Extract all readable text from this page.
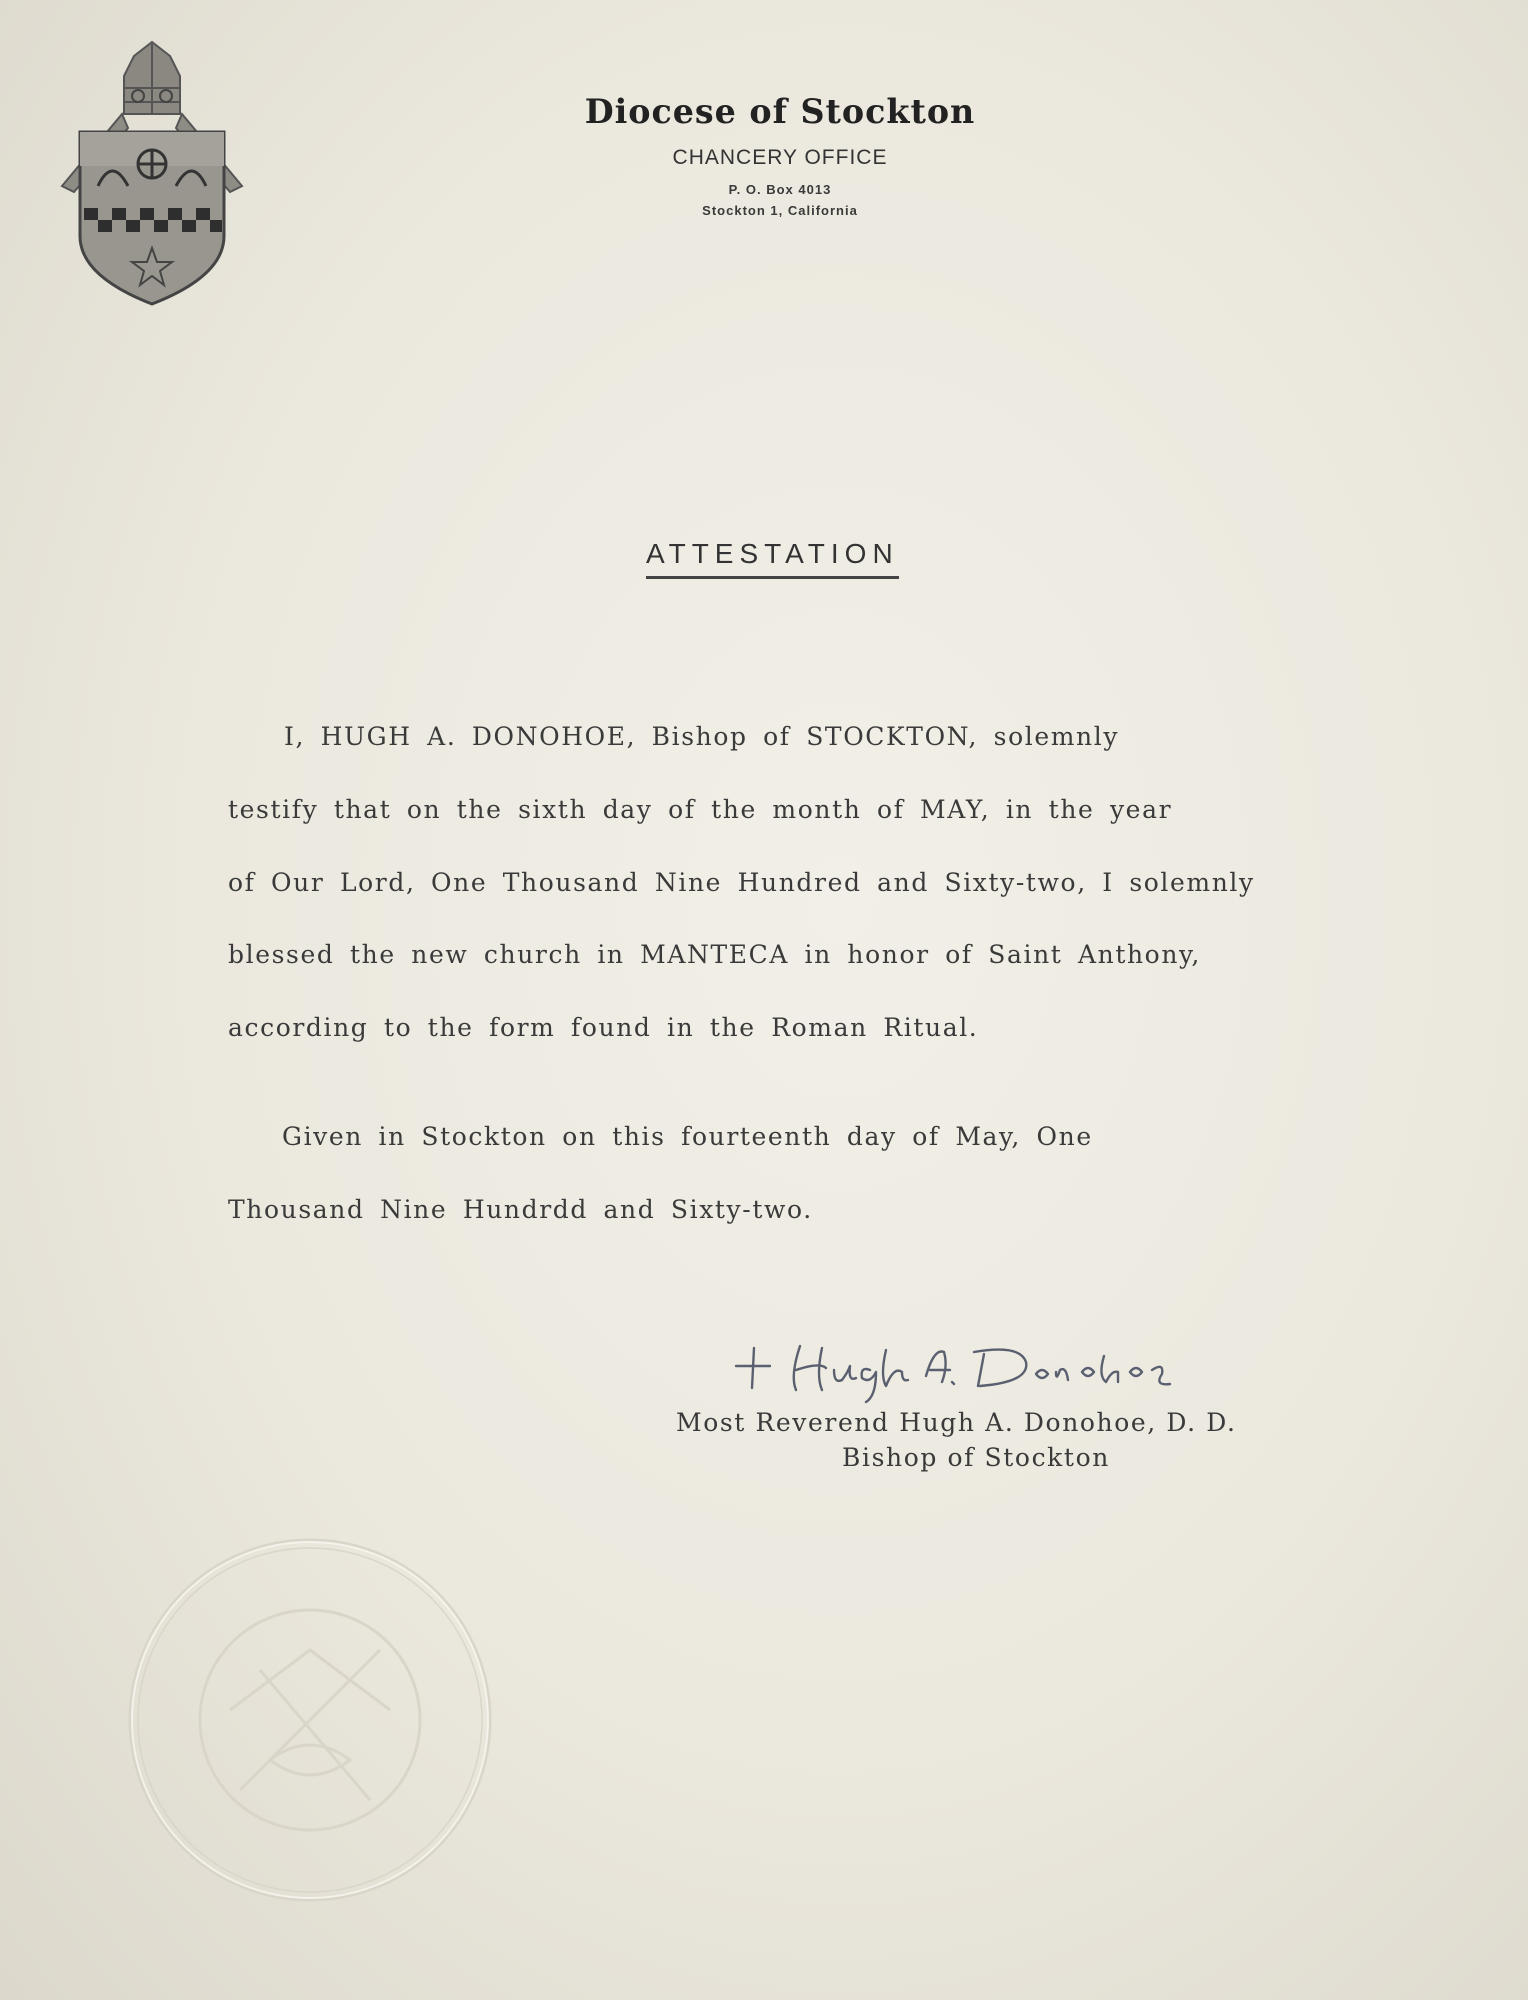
Diocese of Stockton
CHANCERY OFFICE
P. O. Box 4013
Stockton 1, California
ATTESTATION
I, HUGH A. DONOHOE, Bishop of STOCKTON, solemnly
testify that on the sixth day of the month of MAY, in the year
of Our Lord, One Thousand Nine Hundred and Sixty-two, I solemnly
blessed the new church in MANTECA in honor of Saint Anthony,
according to the form found in the Roman Ritual.
Given in Stockton on this fourteenth day of May, One
Thousand Nine Hundrdd and Sixty-two.
Most Reverend Hugh A. Donohoe, D. D.
Bishop of Stockton
